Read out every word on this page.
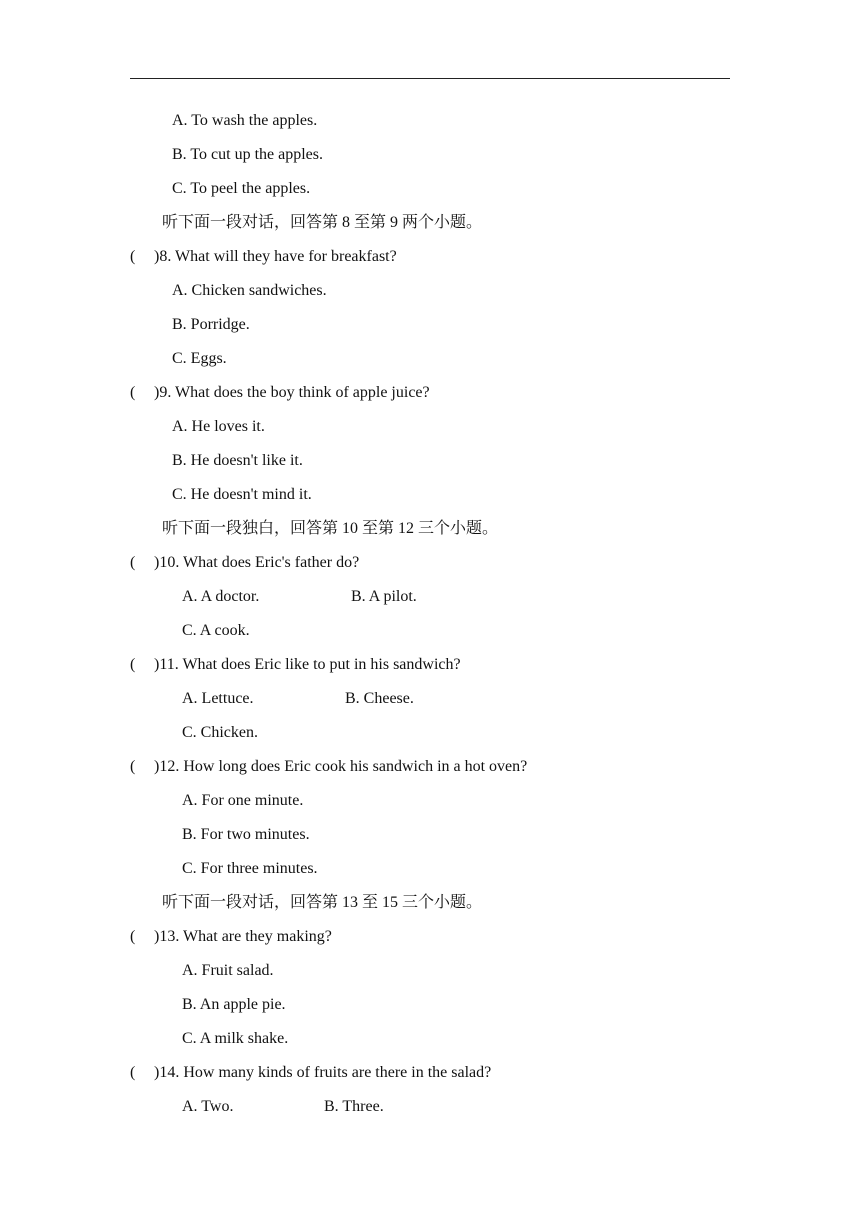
A. To wash the apples.
B. To cut up the apples.
C. To peel the apples.
听下面一段对话，回答第 8 至第 9 两个小题。
( )8. What will they have for breakfast?
A. Chicken sandwiches.
B. Porridge.
C. Eggs.
( )9. What does the boy think of apple juice?
A. He loves it.
B. He doesn't like it.
C. He doesn't mind it.
听下面一段独白，回答第 10 至第 12 三个小题。
( )10. What does Eric's father do?
A. A doctor.	B. A pilot.
C. A cook.
( )11. What does Eric like to put in his sandwich?
A. Lettuce.	B. Cheese.
C. Chicken.
( )12. How long does Eric cook his sandwich in a hot oven?
A. For one minute.
B. For two minutes.
C. For three minutes.
听下面一段对话，回答第 13 至 15 三个小题。
( )13. What are they making?
A. Fruit salad.
B. An apple pie.
C. A milk shake.
( )14. How many kinds of fruits are there in the salad?
A. Two.	B. Three.
